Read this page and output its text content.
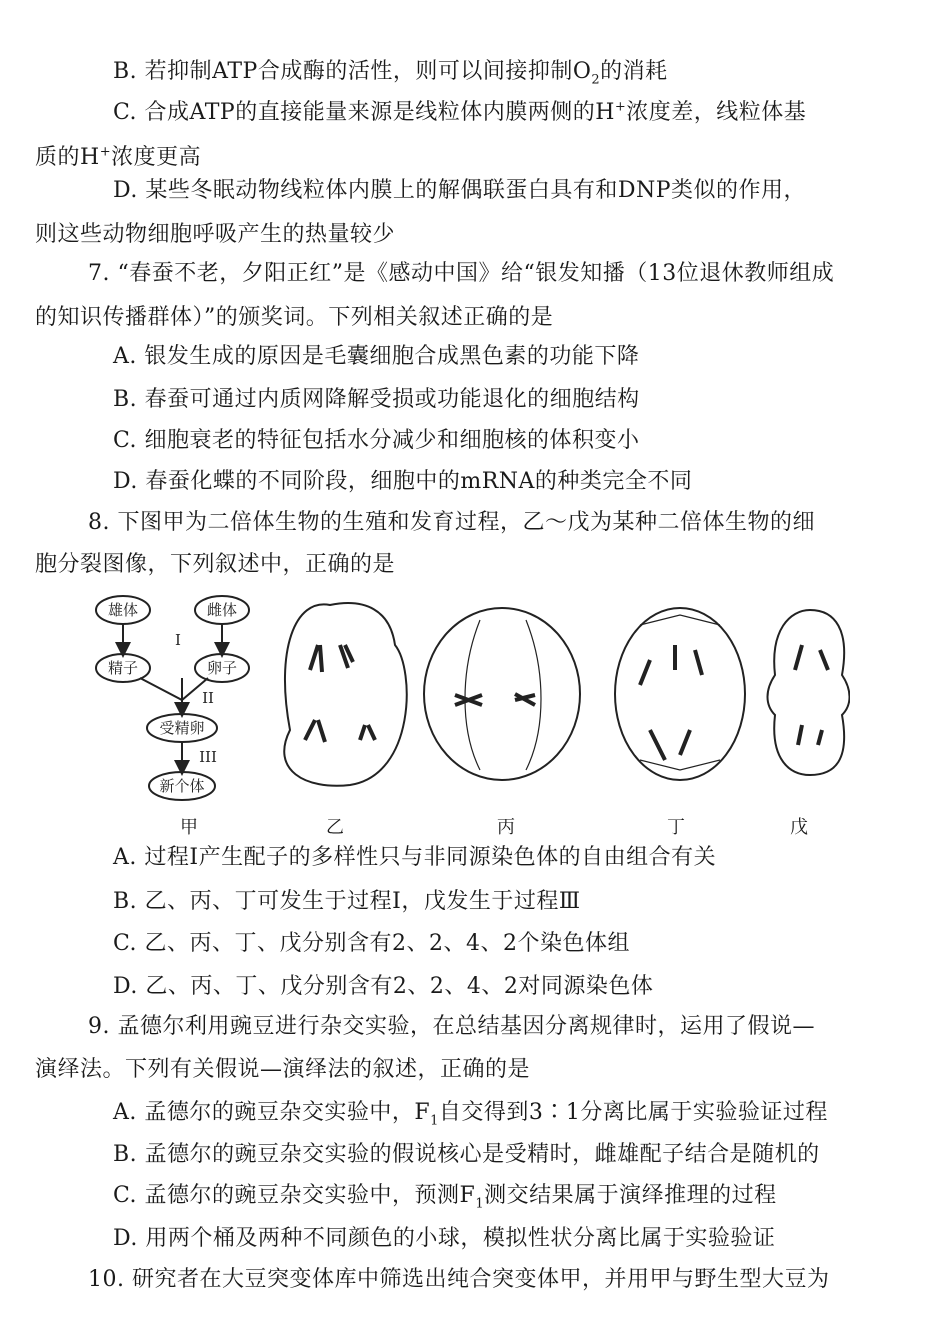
B. 若抑制ATP合成酶的活性，则可以间接抑制$O_2$的消耗
C. 合成ATP的直接能量来源是线粒体内膜两侧的H+浓度差，线粒体基
质的H+浓度更高
D. 某些冬眠动物线粒体内膜上的解偶联蛋白具有和DNP类似的作用，
则这些动物细胞呼吸产生的热量较少
7. “春蚕不老，夕阳正红”是《感动中国》给“银发知播（13位退休教师组成
的知识传播群体）”的颁奖词。下列相关叙述正确的是
A. 银发生成的原因是毛囊细胞合成黑色素的功能下降
B. 春蚕可通过内质网降解受损或功能退化的细胞结构
C. 细胞衰老的特征包括水分减少和细胞核的体积变小
D. 春蚕化蝶的不同阶段，细胞中的mRNA的种类完全不同
8. 下图甲为二倍体生物的生殖和发育过程，乙～戊为某种二倍体生物的细
胞分裂图像，下列叙述中，正确的是
雄体	雌体
精子	卵子
受精卵
新个体
I
II
III
甲	乙	丙	丁	戊
A. 过程Ⅰ产生配子的多样性只与非同源染色体的自由组合有关
B. 乙、丙、丁可发生于过程Ⅰ，戊发生于过程Ⅲ
C. 乙、丙、丁、戊分别含有2、2、4、2个染色体组
D. 乙、丙、丁、戊分别含有2、2、4、2对同源染色体
9. 孟德尔利用豌豆进行杂交实验，在总结基因分离规律时，运用了假说—
演绎法。下列有关假说—演绎法的叙述，正确的是
A. 孟德尔的豌豆杂交实验中，$F_1$自交得到3∶1分离比属于实验验证过程
B. 孟德尔的豌豆杂交实验的假说核心是受精时，雌雄配子结合是随机的
C. 孟德尔的豌豆杂交实验中，预测$F_1$测交结果属于演绎推理的过程
D. 用两个桶及两种不同颜色的小球，模拟性状分离比属于实验验证
10. 研究者在大豆突变体库中筛选出纯合突变体甲，并用甲与野生型大豆为
